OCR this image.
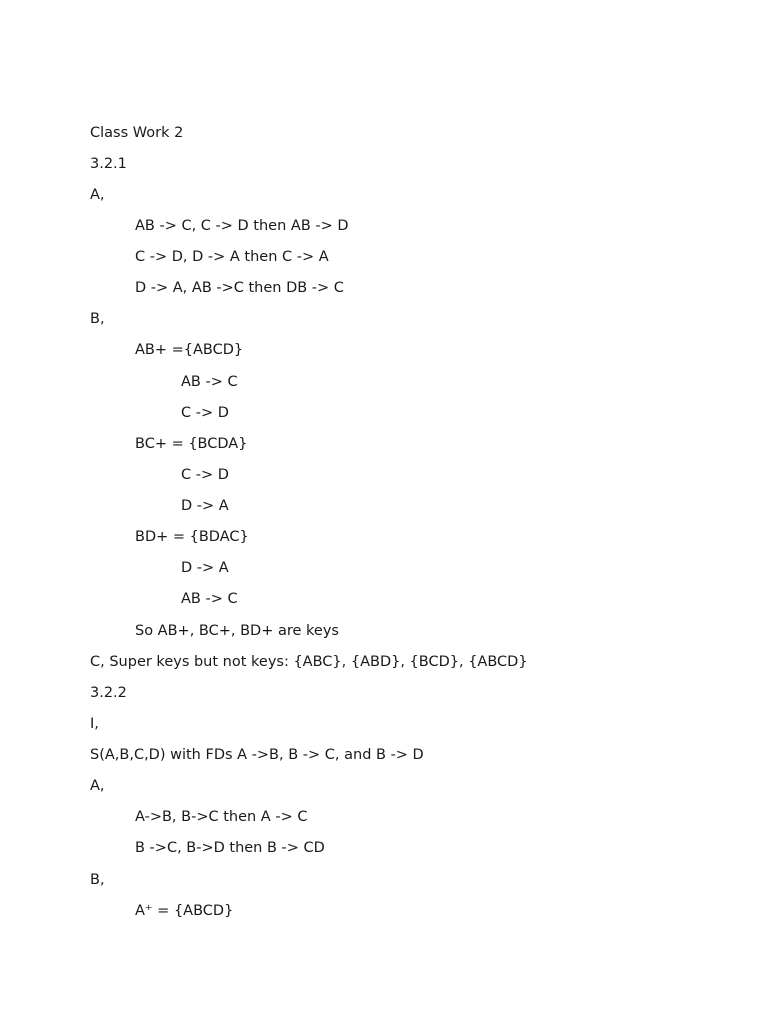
Class Work 2
3.2.1
A,
AB -> C, C -> D then AB -> D
C -> D, D -> A then C -> A
D -> A, AB ->C then DB -> C
B,
AB+ ={ABCD}
AB -> C
C -> D
BC+ = {BCDA}
C -> D
D -> A
BD+ = {BDAC}
D -> A
AB -> C
So AB+, BC+, BD+ are keys
C, Super keys but not keys: {ABC}, {ABD}, {BCD}, {ABCD}
3.2.2
I,
S(A,B,C,D) with FDs A ->B, B -> C, and B -> D
A,
A->B, B->C then A -> C
B ->C, B->D then B -> CD
B,
A⁺ = {ABCD}
